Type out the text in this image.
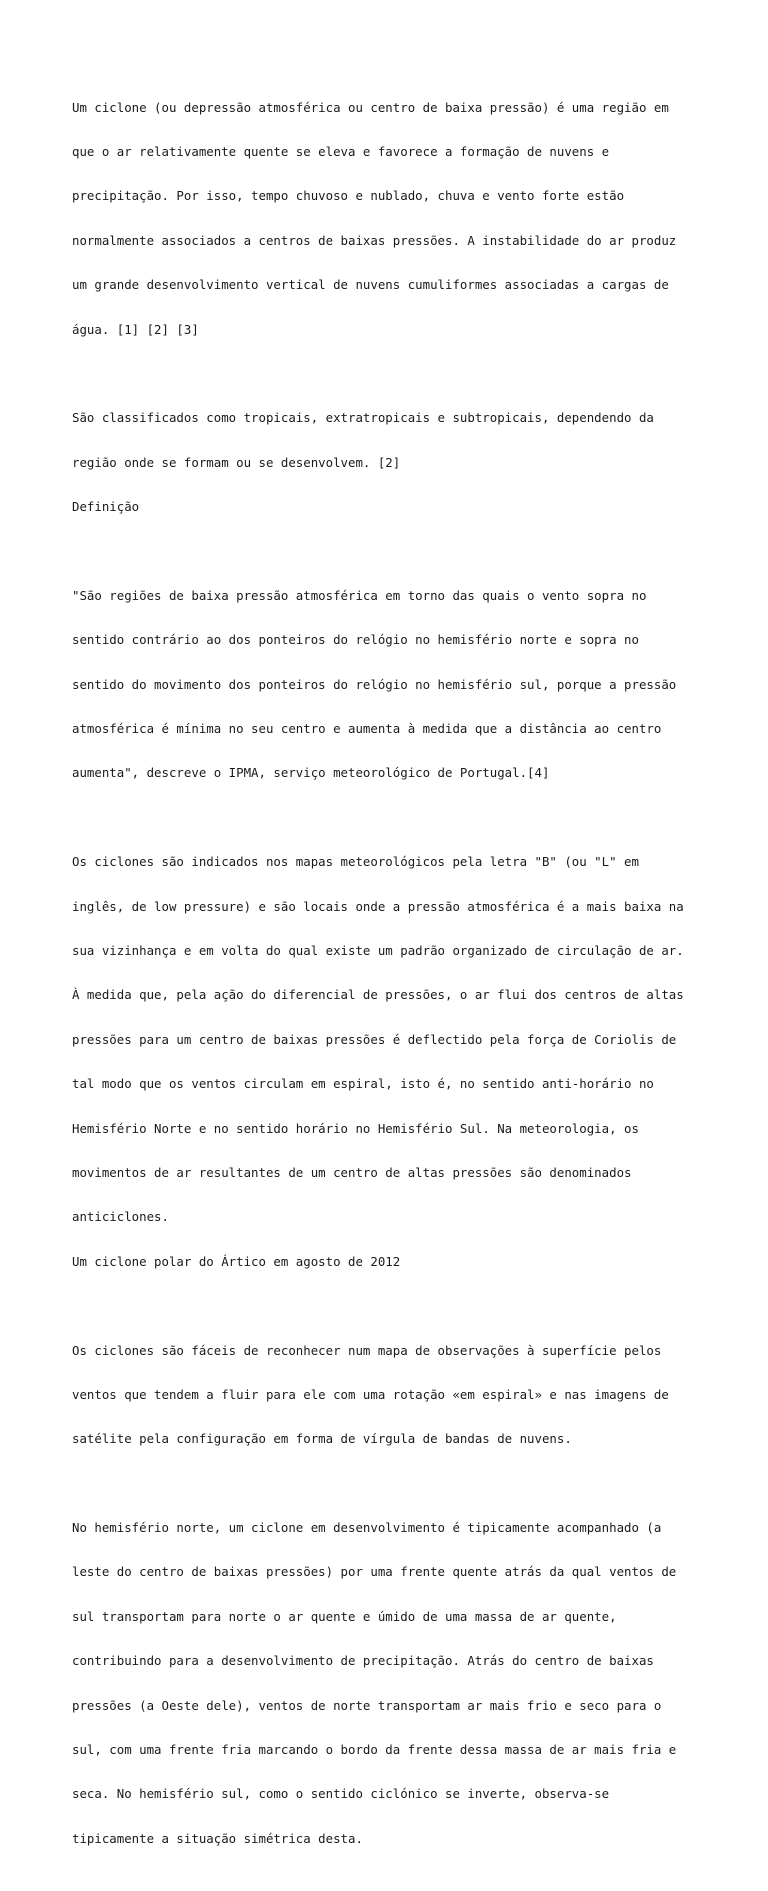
Um ciclone (ou depressão atmosférica ou centro de baixa pressão) é uma região em

que o ar relativamente quente se eleva e favorece a formação de nuvens e

precipitação. Por isso, tempo chuvoso e nublado, chuva e vento forte estão

normalmente associados a centros de baixas pressões. A instabilidade do ar produz

um grande desenvolvimento vertical de nuvens cumuliformes associadas a cargas de

água. [1] [2] [3]

São classificados como tropicais, extratropicais e subtropicais, dependendo da

região onde se formam ou se desenvolvem. [2]

Definição

"São regiões de baixa pressão atmosférica em torno das quais o vento sopra no

sentido contrário ao dos ponteiros do relógio no hemisfério norte e sopra no

sentido do movimento dos ponteiros do relógio no hemisfério sul, porque a pressão

atmosférica é mínima no seu centro e aumenta à medida que a distância ao centro

aumenta", descreve o IPMA, serviço meteorológico de Portugal.[4]

Os ciclones são indicados nos mapas meteorológicos pela letra "B" (ou "L" em

inglês, de low pressure) e são locais onde a pressão atmosférica é a mais baixa na

sua vizinhança e em volta do qual existe um padrão organizado de circulação de ar.

À medida que, pela ação do diferencial de pressões, o ar flui dos centros de altas

pressões para um centro de baixas pressões é deflectido pela força de Coriolis de

tal modo que os ventos circulam em espiral, isto é, no sentido anti-horário no

Hemisfério Norte e no sentido horário no Hemisfério Sul. Na meteorologia, os

movimentos de ar resultantes de um centro de altas pressões são denominados

anticiclones.

Um ciclone polar do Ártico em agosto de 2012

Os ciclones são fáceis de reconhecer num mapa de observações à superfície pelos

ventos que tendem a fluir para ele com uma rotação «em espiral» e nas imagens de

satélite pela configuração em forma de vírgula de bandas de nuvens.

No hemisfério norte, um ciclone em desenvolvimento é tipicamente acompanhado (a

leste do centro de baixas pressões) por uma frente quente atrás da qual ventos de

sul transportam para norte o ar quente e úmido de uma massa de ar quente,

contribuindo para a desenvolvimento de precipitação. Atrás do centro de baixas

pressões (a Oeste dele), ventos de norte transportam ar mais frio e seco para o

sul, com uma frente fria marcando o bordo da frente dessa massa de ar mais fria e

seca. No hemisfério sul, como o sentido ciclónico se inverte, observa-se

tipicamente a situação simétrica desta.
